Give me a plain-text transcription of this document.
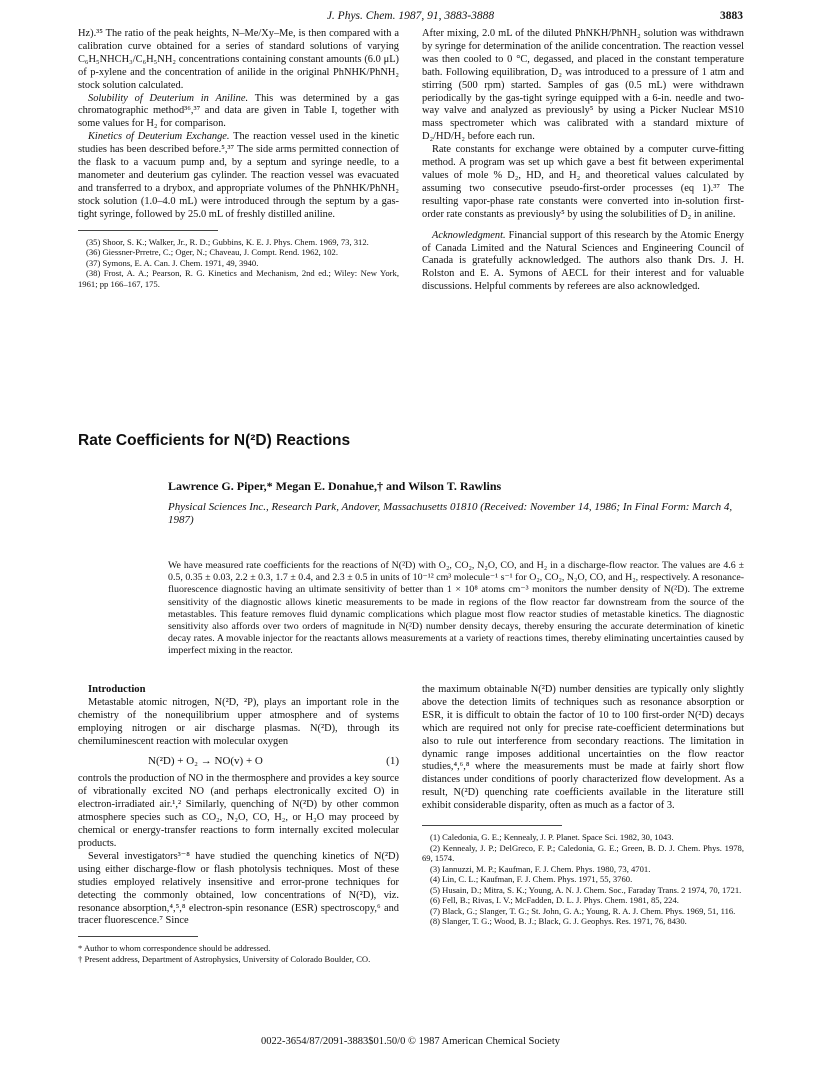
J. Phys. Chem. 1987, 91, 3883-3888	3883

Hz).³⁵ The ratio of the peak heights, N–Me/Xy–Me, is then compared with a calibration curve obtained for a series of standard solutions of varying C₆H₅NHCH₃/C₆H₅NH₂ concentrations containing constant amounts (6.0 μL) of p-xylene and the concentration of anilide in the original PhNHK/PhNH₂ stock solution calculated.

Solubility of Deuterium in Aniline. This was determined by a gas chromatographic method³⁶,³⁷ and data are given in Table I, together with some values for H₂ for comparison.

Kinetics of Deuterium Exchange. The reaction vessel used in the kinetic studies has been described before.⁵,³⁷ The side arms permitted connection of the flask to a vacuum pump and, by a septum and syringe needle, to a manometer and deuterium gas cylinder. The reaction vessel was evacuated and transferred to a drybox, and appropriate volumes of the PhNHK/PhNH₂ stock solution (1.0–4.0 mL) were introduced through the septum by a gas-tight syringe, followed by 25.0 mL of freshly distilled aniline.

(35) Shoor, S. K.; Walker, Jr., R. D.; Gubbins, K. E. J. Phys. Chem. 1969, 73, 312.
(36) Giessner-Prretre, C.; Oger, N.; Chaveau, J. Compt. Rend. 1962, 102.
(37) Symons, E. A. Can. J. Chem. 1971, 49, 3940.
(38) Frost, A. A.; Pearson, R. G. Kinetics and Mechanism, 2nd ed.; Wiley: New York, 1961; pp 166–167, 175.

After mixing, 2.0 mL of the diluted PhNKH/PhNH₂ solution was withdrawn by syringe for determination of the anilide concentration. The reaction vessel was then cooled to 0 °C, degassed, and placed in the constant temperature bath. Following equilibration, D₂ was introduced to a pressure of 1 atm and stirring (500 rpm) started. Samples of gas (0.5 mL) were withdrawn periodically by the gas-tight syringe equipped with a 6-in. needle and two-way valve and analyzed as previously⁵ by using a Picker Nuclear MS10 mass spectrometer which was calibrated with a standard mixture of D₂/HD/H₂ before each run.

Rate constants for exchange were obtained by a computer curve-fitting method. A program was set up which gave a best fit between experimental values of mole % D₂, HD, and H₂ and theoretical values calculated by assuming two consecutive pseudo-first-order processes (eq 1).³⁷ The resulting vapor-phase rate constants were converted into in-solution first-order rate constants as previously⁵ by using the solubilities of D₂ in aniline.

Acknowledgment. Financial support of this research by the Atomic Energy of Canada Limited and the Natural Sciences and Engineering Council of Canada is gratefully acknowledged. The authors also thank Drs. J. H. Rolston and E. A. Symons of AECL for their interest and for valuable discussions. Helpful comments by referees are also acknowledged.

Rate Coefficients for N(²D) Reactions
Lawrence G. Piper,* Megan E. Donahue,† and Wilson T. Rawlins
Physical Sciences Inc., Research Park, Andover, Massachusetts 01810 (Received: November 14, 1986; In Final Form: March 4, 1987)
We have measured rate coefficients for the reactions of N(²D) with O₂, CO₂, N₂O, CO, and H₂ in a discharge-flow reactor. The values are 4.6 ± 0.5, 0.35 ± 0.03, 2.2 ± 0.3, 1.7 ± 0.4, and 2.3 ± 0.5 in units of 10⁻¹² cm³ molecule⁻¹ s⁻¹ for O₂, CO₂, N₂O, CO, and H₂, respectively. A resonance-fluorescence diagnostic having an ultimate sensitivity of better than 1 × 10⁸ atoms cm⁻³ monitors the number density of N(²D). The extreme sensitivity of the diagnostic allows kinetic measurements to be made in regions of the flow reactor far downstream from the source of the metastables. This feature removes fluid dynamic complications which plague most flow reactor studies of metastable kinetics. The diagnostic sensitivity also affords over two orders of magnitude in N(²D) number density decays, thereby ensuring the accurate determination of kinetic decay rates. A movable injector for the reactants allows measurements at a variety of reactions times, thereby eliminating uncertainties caused by imperfect mixing in the reactor.

Introduction

Metastable atomic nitrogen, N(²D, ²P), plays an important role in the chemistry of the nonequilibrium upper atmosphere and of systems employing nitrogen or air discharge plasmas. N(²D), through its chemiluminescent reaction with molecular oxygen

N(²D) + O₂ → NO(v) + O	(1)

controls the production of NO in the thermosphere and provides a key source of vibrationally excited NO (and perhaps electronically excited O) in electron-irradiated air.¹,² Similarly, quenching of N(²D) by other common atmosphere species such as CO₂, N₂O, CO, H₂, or H₂O may proceed by chemical or energy-transfer reactions to form internally excited molecular products.

Several investigators³⁻⁸ have studied the quenching kinetics of N(²D) using either discharge-flow or flash photolysis techniques. Most of these studies employed relatively insensitive and error-prone techniques for detecting the commonly obtained, low concentrations of N(²D), viz. resonance absorption,⁴,⁵,⁸ electron-spin resonance (ESR) spectroscopy,⁶ and tracer fluorescence.⁷ Since

* Author to whom correspondence should be addressed.
† Present address, Department of Astrophysics, University of Colorado Boulder, CO.

the maximum obtainable N(²D) number densities are typically only slightly above the detection limits of techniques such as resonance absorption or ESR, it is difficult to obtain the factor of 10 to 100 first-order N(²D) decays which are required not only for precise rate-coefficient determinations but also to rule out interference from secondary reactions. The limitation in dynamic range imposes additional uncertainties on the flow reactor studies,⁴,⁶,⁸ where the measurements must be made at fairly short flow distances under conditions of poorly characterized flow development. As a result, N(²D) quenching rate coefficients available in the literature still exhibit considerable disparity, often as much as a factor of 3.

(1) Caledonia, G. E.; Kennealy, J. P. Planet. Space Sci. 1982, 30, 1043.
(2) Kennealy, J. P.; DelGreco, F. P.; Caledonia, G. E.; Green, B. D. J. Chem. Phys. 1978, 69, 1574.
(3) Iannuzzi, M. P.; Kaufman, F. J. Chem. Phys. 1980, 73, 4701.
(4) Lin, C. L.; Kaufman, F. J. Chem. Phys. 1971, 55, 3760.
(5) Husain, D.; Mitra, S. K.; Young, A. N. J. Chem. Soc., Faraday Trans. 2 1974, 70, 1721.
(6) Fell, B.; Rivas, I. V.; McFadden, D. L. J. Phys. Chem. 1981, 85, 224.
(7) Black, G.; Slanger, T. G.; St. John, G. A.; Young, R. A. J. Chem. Phys. 1969, 51, 116.
(8) Slanger, T. G.; Wood, B. J.; Black, G. J. Geophys. Res. 1971, 76, 8430.
0022-3654/87/2091-3883$01.50/0 © 1987 American Chemical Society
